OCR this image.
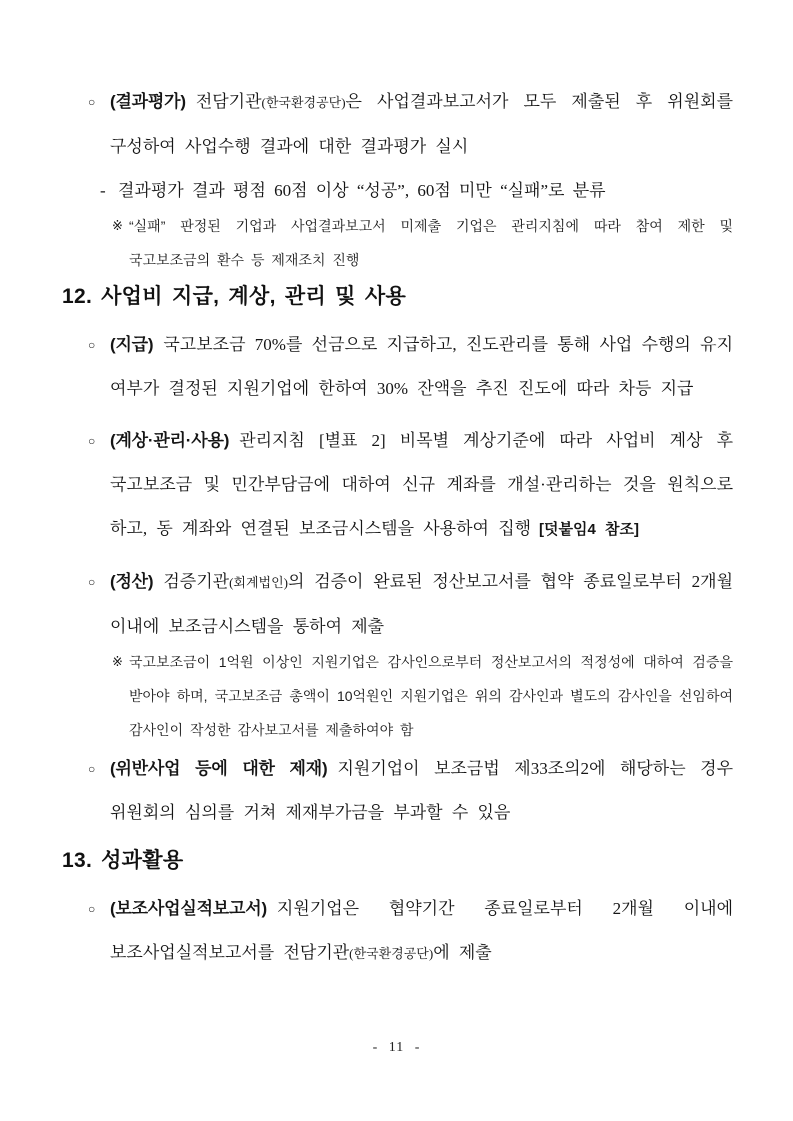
○ (결과평가) 전담기관(한국환경공단)은 사업결과보고서가 모두 제출된 후 위원회를 구성하여 사업수행 결과에 대한 결과평가 실시

- 결과평가 결과 평점 60점 이상 “성공”, 60점 미만 “실패”로 분류

※ “실패” 판정된 기업과 사업결과보고서 미제출 기업은 관리지침에 따라 참여 제한 및 국고보조금의 환수 등 제재조치 진행

12. 사업비 지급, 계상, 관리 및 사용
○ (지급) 국고보조금 70%를 선금으로 지급하고, 진도관리를 통해 사업 수행의 유지 여부가 결정된 지원기업에 한하여 30% 잔액을 추진 진도에 따라 차등 지급

○ (계상·관리·사용) 관리지침 [별표 2] 비목별 계상기준에 따라 사업비 계상 후 국고보조금 및 민간부담금에 대하여 신규 계좌를 개설·관리하는 것을 원칙으로 하고, 동 계좌와 연결된 보조금시스템을 사용하여 집행 [덧붙임4 참조]

○ (정산) 검증기관(회계법인)의 검증이 완료된 정산보고서를 협약 종료일로부터 2개월 이내에 보조금시스템을 통하여 제출

※ 국고보조금이 1억원 이상인 지원기업은 감사인으로부터 정산보고서의 적정성에 대하여 검증을 받아야 하며, 국고보조금 총액이 10억원인 지원기업은 위의 감사인과 별도의 감사인을 선임하여 감사인이 작성한 감사보고서를 제출하여야 함

○ (위반사업 등에 대한 제재) 지원기업이 보조금법 제33조의2에 해당하는 경우 위원회의 심의를 거쳐 제재부가금을 부과할 수 있음

13. 성과활용
○ (보조사업실적보고서) 지원기업은 협약기간 종료일로부터 2개월 이내에 보조사업실적보고서를 전담기관(한국환경공단)에 제출

- 11 -
